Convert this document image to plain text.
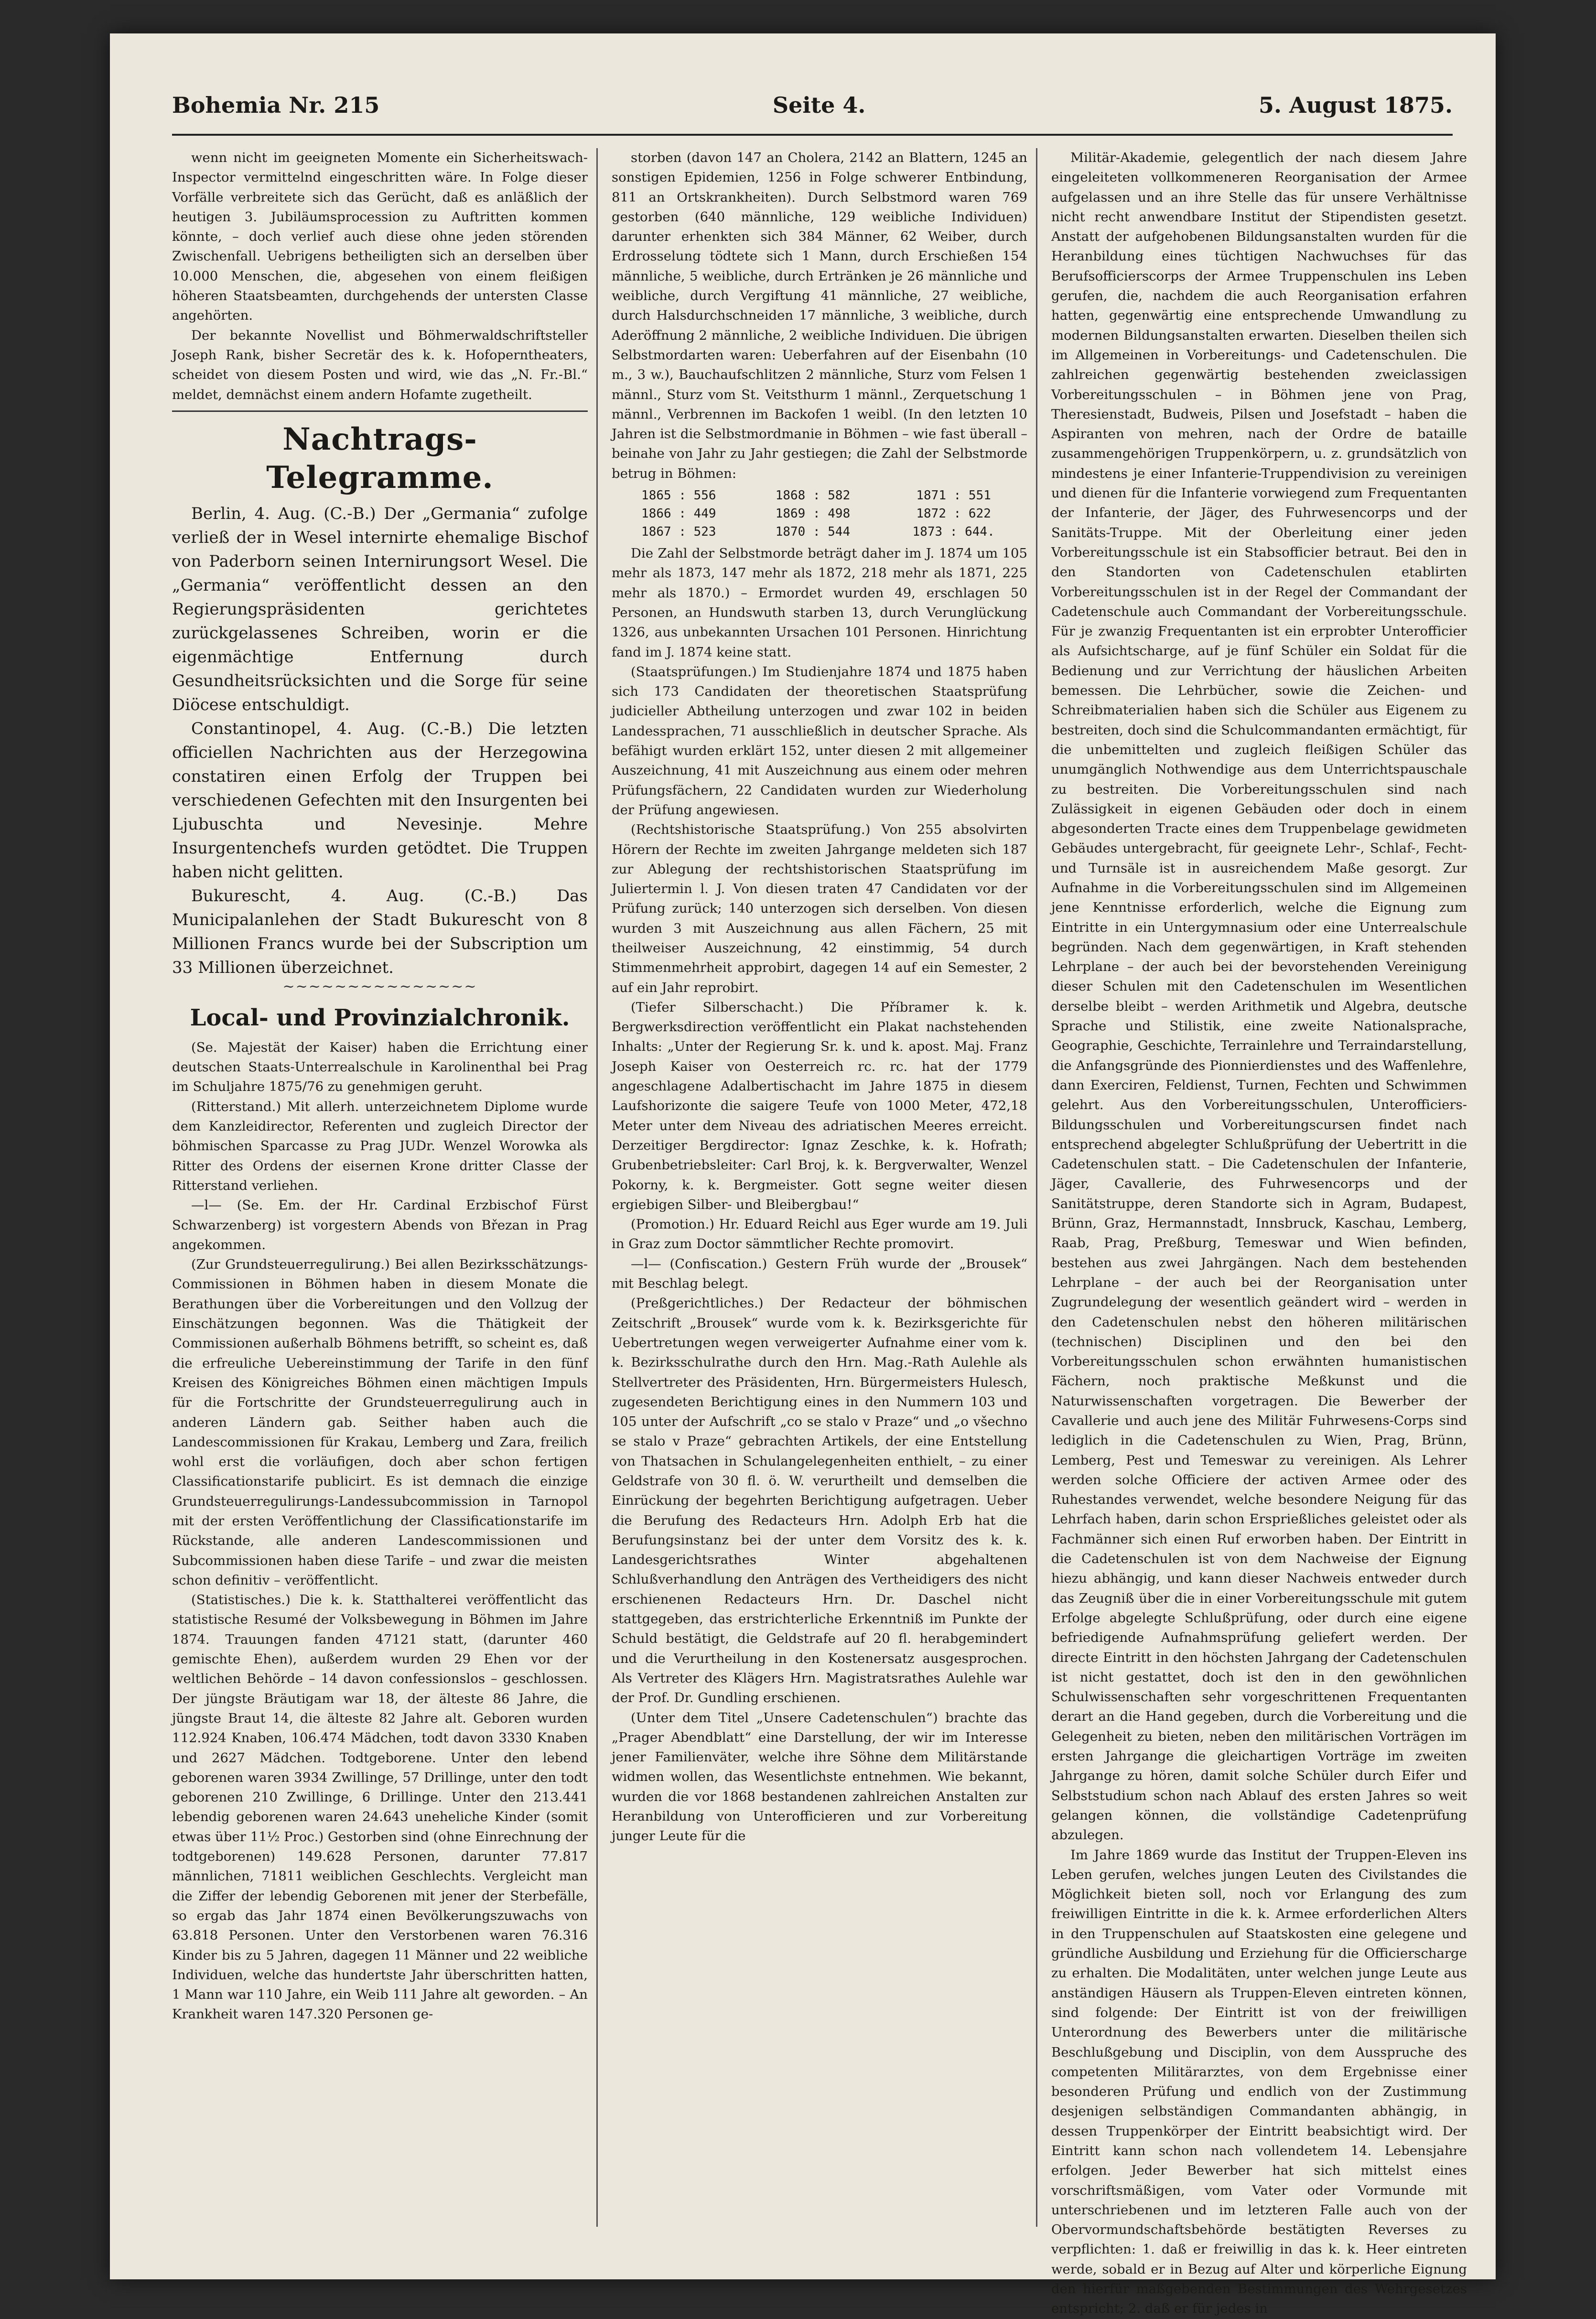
Bohemia Nr. 215	Seite 4.	5. August 1875.

wenn nicht im geeigneten Momente ein Sicherheitswach-Inspector vermittelnd eingeschritten wäre. In Folge dieser Vorfälle verbreitete sich das Gerücht, daß es anläßlich der heutigen 3. Jubiläumsprocession zu Auftritten kommen könnte, – doch verlief auch diese ohne jeden störenden Zwischenfall. Uebrigens betheiligten sich an derselben über 10.000 Menschen, die, abgesehen von einem fleißigen höheren Staatsbeamten, durchgehends der untersten Classe angehörten.

Der bekannte Novellist und Böhmerwaldschriftsteller Joseph Rank, bisher Secretär des k. k. Hofoperntheaters, scheidet von diesem Posten und wird, wie das „N. Fr.-Bl.“ meldet, demnächst einem andern Hofamte zugetheilt.

Nachtrags-Telegramme.

Berlin, 4. Aug. (C.-B.) Der „Germania“ zufolge verließ der in Wesel internirte ehemalige Bischof von Paderborn seinen Internirungsort Wesel. Die „Germania“ veröffentlicht dessen an den Regierungspräsidenten gerichtetes zurückgelassenes Schreiben, worin er die eigenmächtige Entfernung durch Gesundheitsrücksichten und die Sorge für seine Diöcese entschuldigt.

Constantinopel, 4. Aug. (C.-B.) Die letzten officiellen Nachrichten aus der Herzegowina constatiren einen Erfolg der Truppen bei verschiedenen Gefechten mit den Insurgenten bei Ljubuschta und Nevesinje. Mehre Insurgentenchefs wurden getödtet. Die Truppen haben nicht gelitten.

Bukurescht, 4. Aug. (C.-B.) Das Municipalanlehen der Stadt Bukurescht von 8 Millionen Francs wurde bei der Subscription um 33 Millionen überzeichnet.

~~~~~~~~~~~~~~~
Local- und Provinzialchronik.

(Se. Majestät der Kaiser) haben die Errichtung einer deutschen Staats-Unterrealschule in Karolinenthal bei Prag im Schuljahre 1875/76 zu genehmigen geruht.

(Ritterstand.) Mit allerh. unterzeichnetem Diplome wurde dem Kanzleidirector, Referenten und zugleich Director der böhmischen Sparcasse zu Prag JUDr. Wenzel Worowka als Ritter des Ordens der eisernen Krone dritter Classe der Ritterstand verliehen.

—l— (Se. Em. der Hr. Cardinal Erzbischof Fürst Schwarzenberg) ist vorgestern Abends von Březan in Prag angekommen.

(Zur Grundsteuerregulirung.) Bei allen Bezirksschätzungs-Commissionen in Böhmen haben in diesem Monate die Berathungen über die Vorbereitungen und den Vollzug der Einschätzungen begonnen. Was die Thätigkeit der Commissionen außerhalb Böhmens betrifft, so scheint es, daß die erfreuliche Uebereinstimmung der Tarife in den fünf Kreisen des Königreiches Böhmen einen mächtigen Impuls für die Fortschritte der Grundsteuerregulirung auch in anderen Ländern gab. Seither haben auch die Landescommissionen für Krakau, Lemberg und Zara, freilich wohl erst die vorläufigen, doch aber schon fertigen Classificationstarife publicirt. Es ist demnach die einzige Grundsteuerregulirungs-Landessubcommission in Tarnopol mit der ersten Veröffentlichung der Classificationstarife im Rückstande, alle anderen Landescommissionen und Subcommissionen haben diese Tarife – und zwar die meisten schon definitiv – veröffentlicht.

(Statistisches.) Die k. k. Statthalterei veröffentlicht das statistische Resumé der Volksbewegung in Böhmen im Jahre 1874. Trauungen fanden 47121 statt, (darunter 460 gemischte Ehen), außerdem wurden 29 Ehen vor der weltlichen Behörde – 14 davon confessionslos – geschlossen. Der jüngste Bräutigam war 18, der älteste 86 Jahre, die jüngste Braut 14, die älteste 82 Jahre alt. Geboren wurden 112.924 Knaben, 106.474 Mädchen, todt davon 3330 Knaben und 2627 Mädchen. Todtgeborene. Unter den lebend geborenen waren 3934 Zwillinge, 57 Drillinge, unter den todt geborenen 210 Zwillinge, 6 Drillinge. Unter den 213.441 lebendig geborenen waren 24.643 uneheliche Kinder (somit etwas über 11½ Proc.) Gestorben sind (ohne Einrechnung der todtgeborenen) 149.628 Personen, darunter 77.817 männlichen, 71811 weiblichen Geschlechts. Vergleicht man die Ziffer der lebendig Geborenen mit jener der Sterbefälle, so ergab das Jahr 1874 einen Bevölkerungszuwachs von 63.818 Personen. Unter den Verstorbenen waren 76.316 Kinder bis zu 5 Jahren, dagegen 11 Männer und 22 weibliche Individuen, welche das hundertste Jahr überschritten hatten, 1 Mann war 110 Jahre, ein Weib 111 Jahre alt geworden. – An Krankheit waren 147.320 Personen ge-

storben (davon 147 an Cholera, 2142 an Blattern, 1245 an sonstigen Epidemien, 1256 in Folge schwerer Entbindung, 811 an Ortskrankheiten). Durch Selbstmord waren 769 gestorben (640 männliche, 129 weibliche Individuen) darunter erhenkten sich 384 Männer, 62 Weiber, durch Erdrosselung tödtete sich 1 Mann, durch Erschießen 154 männliche, 5 weibliche, durch Ertränken je 26 männliche und weibliche, durch Vergiftung 41 männliche, 27 weibliche, durch Halsdurchschneiden 17 männliche, 3 weibliche, durch Aderöffnung 2 männliche, 2 weibliche Individuen. Die übrigen Selbstmordarten waren: Ueberfahren auf der Eisenbahn (10 m., 3 w.), Bauchaufschlitzen 2 männliche, Sturz vom Felsen 1 männl., Sturz vom St. Veitsthurm 1 männl., Zerquetschung 1 männl., Verbrennen im Backofen 1 weibl. (In den letzten 10 Jahren ist die Selbstmordmanie in Böhmen – wie fast überall – beinahe von Jahr zu Jahr gestiegen; die Zahl der Selbstmorde betrug in Böhmen:

1865 : 556	1868 : 582	1871 : 551
1866 : 449	1869 : 498	1872 : 622
1867 : 523	1870 : 544	1873 : 644.

Die Zahl der Selbstmorde beträgt daher im J. 1874 um 105 mehr als 1873, 147 mehr als 1872, 218 mehr als 1871, 225 mehr als 1870.) – Ermordet wurden 49, erschlagen 50 Personen, an Hundswuth starben 13, durch Verunglückung 1326, aus unbekannten Ursachen 101 Personen. Hinrichtung fand im J. 1874 keine statt.

(Staatsprüfungen.) Im Studienjahre 1874 und 1875 haben sich 173 Candidaten der theoretischen Staatsprüfung judicieller Abtheilung unterzogen und zwar 102 in beiden Landessprachen, 71 ausschließlich in deutscher Sprache. Als befähigt wurden erklärt 152, unter diesen 2 mit allgemeiner Auszeichnung, 41 mit Auszeichnung aus einem oder mehren Prüfungsfächern, 22 Candidaten wurden zur Wiederholung der Prüfung angewiesen.

(Rechtshistorische Staatsprüfung.) Von 255 absolvirten Hörern der Rechte im zweiten Jahrgange meldeten sich 187 zur Ablegung der rechtshistorischen Staatsprüfung im Juliertermin l. J. Von diesen traten 47 Candidaten vor der Prüfung zurück; 140 unterzogen sich derselben. Von diesen wurden 3 mit Auszeichnung aus allen Fächern, 25 mit theilweiser Auszeichnung, 42 einstimmig, 54 durch Stimmenmehrheit approbirt, dagegen 14 auf ein Semester, 2 auf ein Jahr reprobirt.

(Tiefer Silberschacht.) Die Příbramer k. k. Bergwerksdirection veröffentlicht ein Plakat nachstehenden Inhalts: „Unter der Regierung Sr. k. und k. apost. Maj. Franz Joseph Kaiser von Oesterreich rc. rc. hat der 1779 angeschlagene Adalbertischacht im Jahre 1875 in diesem Laufshorizonte die saigere Teufe von 1000 Meter, 472,18 Meter unter dem Niveau des adriatischen Meeres erreicht. Derzeitiger Bergdirector: Ignaz Zeschke, k. k. Hofrath; Grubenbetriebsleiter: Carl Broj, k. k. Bergverwalter, Wenzel Pokorny, k. k. Bergmeister. Gott segne weiter diesen ergiebigen Silber- und Bleibergbau!“

(Promotion.) Hr. Eduard Reichl aus Eger wurde am 19. Juli in Graz zum Doctor sämmtlicher Rechte promovirt.

—l— (Confiscation.) Gestern Früh wurde der „Brousek“ mit Beschlag belegt.

(Preßgerichtliches.) Der Redacteur der böhmischen Zeitschrift „Brousek“ wurde vom k. k. Bezirksgerichte für Uebertretungen wegen verweigerter Aufnahme einer vom k. k. Bezirksschulrathe durch den Hrn. Mag.-Rath Aulehle als Stellvertreter des Präsidenten, Hrn. Bürgermeisters Hulesch, zugesendeten Berichtigung eines in den Nummern 103 und 105 unter der Aufschrift „co se stalo v Praze“ und „o všechno se stalo v Praze“ gebrachten Artikels, der eine Entstellung von Thatsachen in Schulangelegenheiten enthielt, – zu einer Geldstrafe von 30 fl. ö. W. verurtheilt und demselben die Einrückung der begehrten Berichtigung aufgetragen. Ueber die Berufung des Redacteurs Hrn. Adolph Erb hat die Berufungsinstanz bei der unter dem Vorsitz des k. k. Landesgerichtsrathes Winter abgehaltenen Schlußverhandlung den Anträgen des Vertheidigers des nicht erschienenen Redacteurs Hrn. Dr. Daschel nicht stattgegeben, das erstrichterliche Erkenntniß im Punkte der Schuld bestätigt, die Geldstrafe auf 20 fl. herabgemindert und die Verurtheilung in den Kostenersatz ausgesprochen. Als Vertreter des Klägers Hrn. Magistratsrathes Aulehle war der Prof. Dr. Gundling erschienen.

(Unter dem Titel „Unsere Cadetenschulen“) brachte das „Prager Abendblatt“ eine Darstellung, der wir im Interesse jener Familienväter, welche ihre Söhne dem Militärstande widmen wollen, das Wesentlichste entnehmen. Wie bekannt, wurden die vor 1868 bestandenen zahlreichen Anstalten zur Heranbildung von Unterofficieren und zur Vorbereitung junger Leute für die

Militär-Akademie, gelegentlich der nach diesem Jahre eingeleiteten vollkommeneren Reorganisation der Armee aufgelassen und an ihre Stelle das für unsere Verhältnisse nicht recht anwendbare Institut der Stipendisten gesetzt. Anstatt der aufgehobenen Bildungsanstalten wurden für die Heranbildung eines tüchtigen Nachwuchses für das Berufsofficierscorps der Armee Truppenschulen ins Leben gerufen, die, nachdem die auch Reorganisation erfahren hatten, gegenwärtig eine entsprechende Umwandlung zu modernen Bildungsanstalten erwarten. Dieselben theilen sich im Allgemeinen in Vorbereitungs- und Cadetenschulen. Die zahlreichen gegenwärtig bestehenden zweiclassigen Vorbereitungsschulen – in Böhmen jene von Prag, Theresienstadt, Budweis, Pilsen und Josefstadt – haben die Aspiranten von mehren, nach der Ordre de bataille zusammengehörigen Truppenkörpern, u. z. grundsätzlich von mindestens je einer Infanterie-Truppendivision zu vereinigen und dienen für die Infanterie vorwiegend zum Frequentanten der Infanterie, der Jäger, des Fuhrwesencorps und der Sanitäts-Truppe. Mit der Oberleitung einer jeden Vorbereitungsschule ist ein Stabsofficier betraut. Bei den in den Standorten von Cadetenschulen etablirten Vorbereitungsschulen ist in der Regel der Commandant der Cadetenschule auch Commandant der Vorbereitungsschule. Für je zwanzig Frequentanten ist ein erprobter Unterofficier als Aufsichtscharge, auf je fünf Schüler ein Soldat für die Bedienung und zur Verrichtung der häuslichen Arbeiten bemessen. Die Lehrbücher, sowie die Zeichen- und Schreibmaterialien haben sich die Schüler aus Eigenem zu bestreiten, doch sind die Schulcommandanten ermächtigt, für die unbemittelten und zugleich fleißigen Schüler das unumgänglich Nothwendige aus dem Unterrichtspauschale zu bestreiten. Die Vorbereitungsschulen sind nach Zulässigkeit in eigenen Gebäuden oder doch in einem abgesonderten Tracte eines dem Truppenbelage gewidmeten Gebäudes untergebracht, für geeignete Lehr-, Schlaf-, Fecht- und Turnsäle ist in ausreichendem Maße gesorgt. Zur Aufnahme in die Vorbereitungsschulen sind im Allgemeinen jene Kenntnisse erforderlich, welche die Eignung zum Eintritte in ein Untergymnasium oder eine Unterrealschule begründen. Nach dem gegenwärtigen, in Kraft stehenden Lehrplane – der auch bei der bevorstehenden Vereinigung dieser Schulen mit den Cadetenschulen im Wesentlichen derselbe bleibt – werden Arithmetik und Algebra, deutsche Sprache und Stilistik, eine zweite Nationalsprache, Geographie, Geschichte, Terrainlehre und Terraindarstellung, die Anfangsgründe des Pionnierdienstes und des Waffenlehre, dann Exerciren, Feldienst, Turnen, Fechten und Schwimmen gelehrt. Aus den Vorbereitungsschulen, Unterofficiers-Bildungsschulen und Vorbereitungscursen findet nach entsprechend abgelegter Schlußprüfung der Uebertritt in die Cadetenschulen statt. – Die Cadetenschulen der Infanterie, Jäger, Cavallerie, des Fuhrwesencorps und der Sanitätstruppe, deren Standorte sich in Agram, Budapest, Brünn, Graz, Hermannstadt, Innsbruck, Kaschau, Lemberg, Raab, Prag, Preßburg, Temeswar und Wien befinden, bestehen aus zwei Jahrgängen. Nach dem bestehenden Lehrplane – der auch bei der Reorganisation unter Zugrundelegung der wesentlich geändert wird – werden in den Cadetenschulen nebst den höheren militärischen (technischen) Disciplinen und den bei den Vorbereitungsschulen schon erwähnten humanistischen Fächern, noch praktische Meßkunst und die Naturwissenschaften vorgetragen. Die Bewerber der Cavallerie und auch jene des Militär Fuhrwesens-Corps sind lediglich in die Cadetenschulen zu Wien, Prag, Brünn, Lemberg, Pest und Temeswar zu vereinigen. Als Lehrer werden solche Officiere der activen Armee oder des Ruhestandes verwendet, welche besondere Neigung für das Lehrfach haben, darin schon Ersprießliches geleistet oder als Fachmänner sich einen Ruf erworben haben. Der Eintritt in die Cadetenschulen ist von dem Nachweise der Eignung hiezu abhängig, und kann dieser Nachweis entweder durch das Zeugniß über die in einer Vorbereitungsschule mit gutem Erfolge abgelegte Schlußprüfung, oder durch eine eigene befriedigende Aufnahmsprüfung geliefert werden. Der directe Eintritt in den höchsten Jahrgang der Cadetenschulen ist nicht gestattet, doch ist den in den gewöhnlichen Schulwissenschaften sehr vorgeschrittenen Frequentanten derart an die Hand gegeben, durch die Vorbereitung und die Gelegenheit zu bieten, neben den militärischen Vorträgen im ersten Jahrgange die gleichartigen Vorträge im zweiten Jahrgange zu hören, damit solche Schüler durch Eifer und Selbststudium schon nach Ablauf des ersten Jahres so weit gelangen können, die vollständige Cadetenprüfung abzulegen.

Im Jahre 1869 wurde das Institut der Truppen-Eleven ins Leben gerufen, welches jungen Leuten des Civilstandes die Möglichkeit bieten soll, noch vor Erlangung des zum freiwilligen Eintritte in die k. k. Armee erforderlichen Alters in den Truppenschulen auf Staatskosten eine gelegene und gründliche Ausbildung und Erziehung für die Officierscharge zu erhalten. Die Modalitäten, unter welchen junge Leute aus anständigen Häusern als Truppen-Eleven eintreten können, sind folgende: Der Eintritt ist von der freiwilligen Unterordnung des Bewerbers unter die militärische Beschlußgebung und Disciplin, von dem Ausspruche des competenten Militärarztes, von dem Ergebnisse einer besonderen Prüfung und endlich von der Zustimmung desjenigen selbständigen Commandanten abhängig, in dessen Truppenkörper der Eintritt beabsichtigt wird. Der Eintritt kann schon nach vollendetem 14. Lebensjahre erfolgen. Jeder Bewerber hat sich mittelst eines vorschriftsmäßigen, vom Vater oder Vormunde mit unterschriebenen und im letzteren Falle auch von der Obervormundschaftsbehörde bestätigten Reverses zu verpflichten: 1. daß er freiwillig in das k. k. Heer eintreten werde, sobald er in Bezug auf Alter und körperliche Eignung den hierfür maßgebenden Bestimmungen des Wehrgesetzes entspricht; 2. daß er für jedes in
